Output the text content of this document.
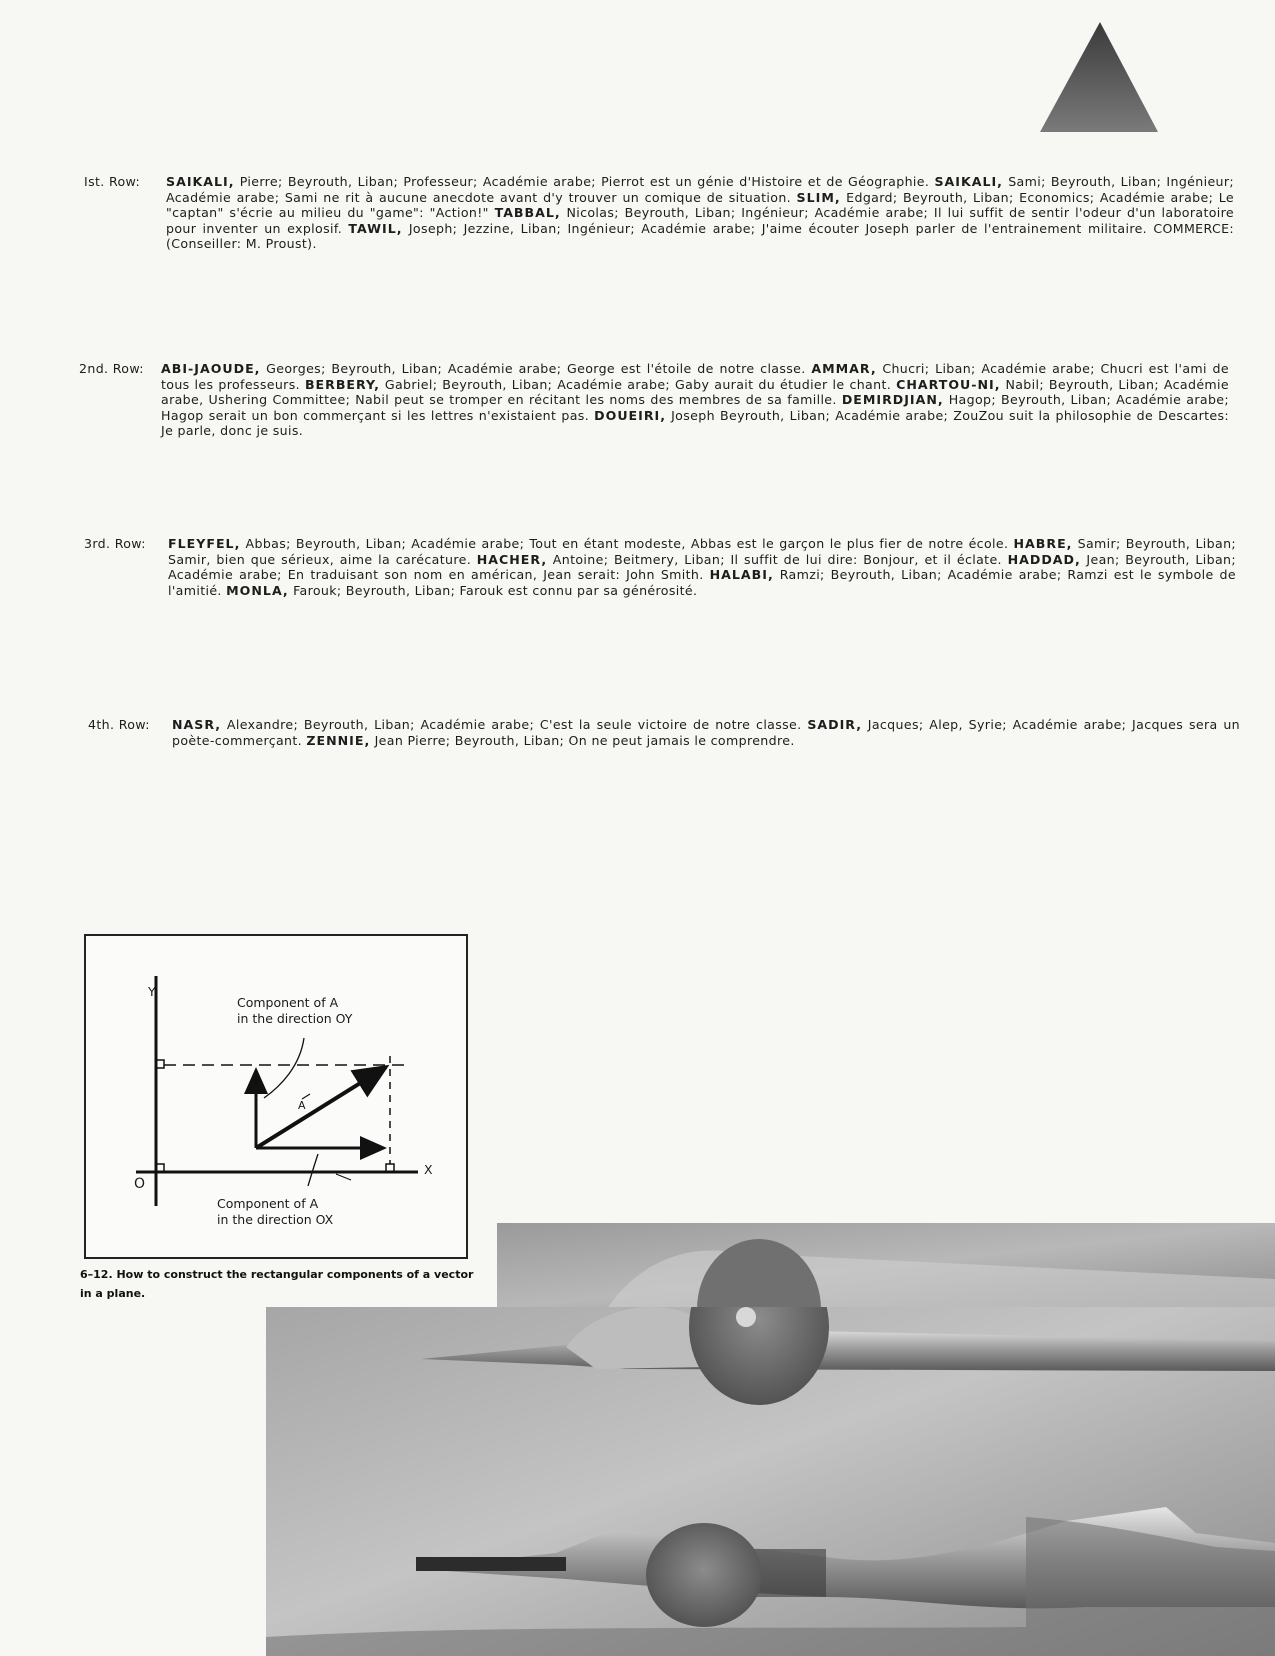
Ist. Row: SAIKALI, Pierre; Beyrouth, Liban; Professeur; Académie arabe; Pierrot est un génie d'Histoire et de Géographie. SAIKALI, Sami; Beyrouth, Liban; Ingénieur; Académie arabe; Sami ne rit à aucune anecdote avant d'y trouver un comique de situation. SLIM, Edgard; Beyrouth, Liban; Economics; Académie arabe; Le "captan" s'écrie au milieu du "game": "Action!" TABBAL, Nicolas; Beyrouth, Liban; Ingénieur; Académie arabe; Il lui suffit de sentir l'odeur d'un laboratoire pour inventer un explosif. TAWIL, Joseph; Jezzine, Liban; Ingénieur; Académie arabe; J'aime écouter Joseph parler de l'entrainement militaire. COMMERCE: (Conseiller: M. Proust).
2nd. Row: ABI-JAOUDE, Georges; Beyrouth, Liban; Académie arabe; George est l'étoile de notre classe. AMMAR, Chucri; Liban; Académie arabe; Chucri est l'ami de tous les professeurs. BERBERY, Gabriel; Beyrouth, Liban; Académie arabe; Gaby aurait du étudier le chant. CHARTOU-NI, Nabil; Beyrouth, Liban; Académie arabe, Ushering Committee; Nabil peut se tromper en récitant les noms des membres de sa famille. DEMIRDJIAN, Hagop; Beyrouth, Liban; Académie arabe; Hagop serait un bon commerçant si les lettres n'existaient pas. DOUEIRI, Joseph Beyrouth, Liban; Académie arabe; ZouZou suit la philosophie de Descartes: Je parle, donc je suis.
3rd. Row: FLEYFEL, Abbas; Beyrouth, Liban; Académie arabe; Tout en étant modeste, Abbas est le garçon le plus fier de notre école. HABRE, Samir; Beyrouth, Liban; Samir, bien que sérieux, aime la carécature. HACHER, Antoine; Beitmery, Liban; Il suffit de lui dire: Bonjour, et il éclate. HADDAD, Jean; Beyrouth, Liban; Académie arabe; En traduisant son nom en américan, Jean serait: John Smith. HALABI, Ramzi; Beyrouth, Liban; Académie arabe; Ramzi est le symbole de l'amitié. MONLA, Farouk; Beyrouth, Liban; Farouk est connu par sa générosité.
4th. Row: NASR, Alexandre; Beyrouth, Liban; Académie arabe; C'est la seule victoire de notre classe. SADIR, Jacques; Alep, Syrie; Académie arabe; Jacques sera un poète-commerçant. ZENNIE, Jean Pierre; Beyrouth, Liban; On ne peut jamais le comprendre.
Y
X
O
A
Component of A
in the direction OY
Component of A
in the direction OX
6–12. How to construct the rectangular components of a vector in a plane.
